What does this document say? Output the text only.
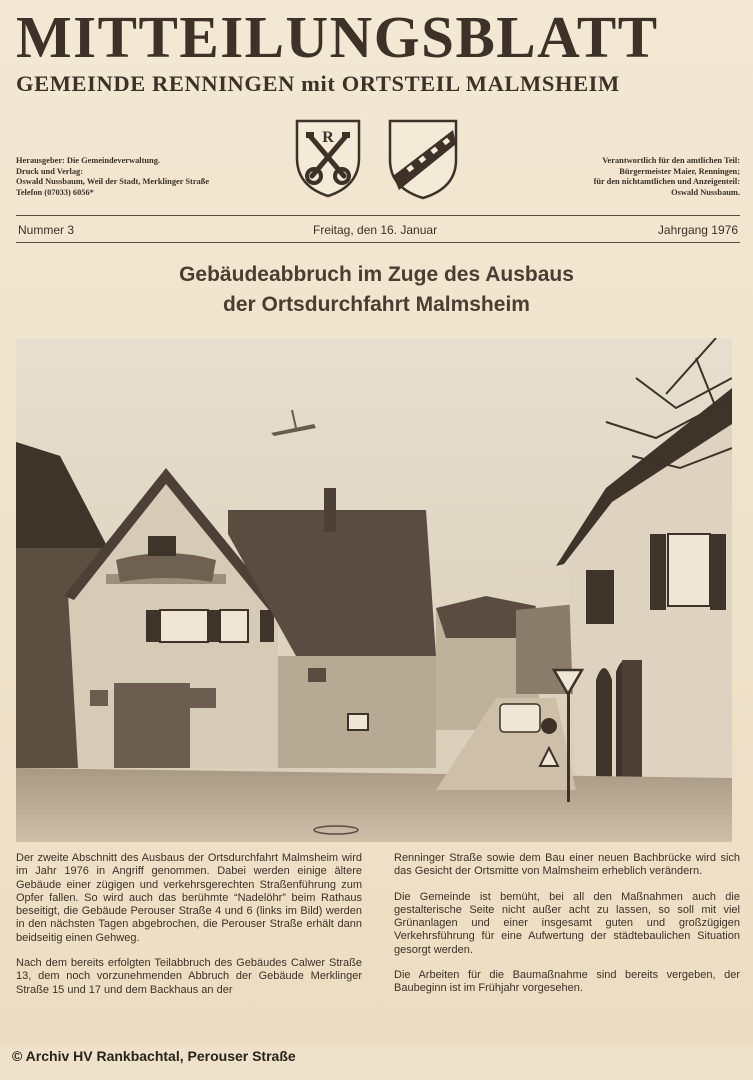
MITTEILUNGSBLATT
GEMEINDE RENNINGEN mit ORTSTEIL MALMSHEIM
Herausgeber: Die Gemeindeverwaltung.
Druck und Verlag:
Oswald Nussbaum, Weil der Stadt, Merklinger Straße
Telefon (07033) 6056*
R
Verantwortlich für den amtlichen Teil:
Bürgermeister Maier, Renningen;
für den nichtamtlichen und Anzeigenteil:
Oswald Nussbaum.
Nummer 3	Freitag, den 16. Januar	Jahrgang 1976
Gebäudeabbruch im Zuge des Ausbaus
der Ortsdurchfahrt Malmsheim

Der zweite Abschnitt des Ausbaus der Ortsdurchfahrt Malmsheim wird im Jahr 1976 in Angriff genommen. Dabei werden einige ältere Gebäude einer zügigen und verkehrsgerechten Straßenführung zum Opfer fallen. So wird auch das berühmte “Nadelöhr” beim Rathaus beseitigt, die Gebäude Perouser Straße 4 und 6 (links im Bild) werden in den nächsten Tagen abgebrochen, die Perouser Straße erhält dann beidseitig einen Gehweg.

Nach dem bereits erfolgten Teilabbruch des Gebäudes Calwer Straße 13, dem noch vorzunehmenden Abbruch der Gebäude Merklinger Straße 15 und 17 und dem Backhaus an der

Renninger Straße sowie dem Bau einer neuen Bachbrücke wird sich das Gesicht der Ortsmitte von Malmsheim erheblich verändern.

Die Gemeinde ist bemüht, bei all den Maßnahmen auch die gestalterische Seite nicht außer acht zu lassen, so soll mit viel Grünanlagen und einer insgesamt guten und großzügigen Verkehrsführung für eine Aufwertung der städtebaulichen Situation gesorgt werden.

Die Arbeiten für die Baumaßnahme sind bereits vergeben, der Baubeginn ist im Frühjahr vorgesehen.

© Archiv HV Rankbachtal, Perouser Straße
